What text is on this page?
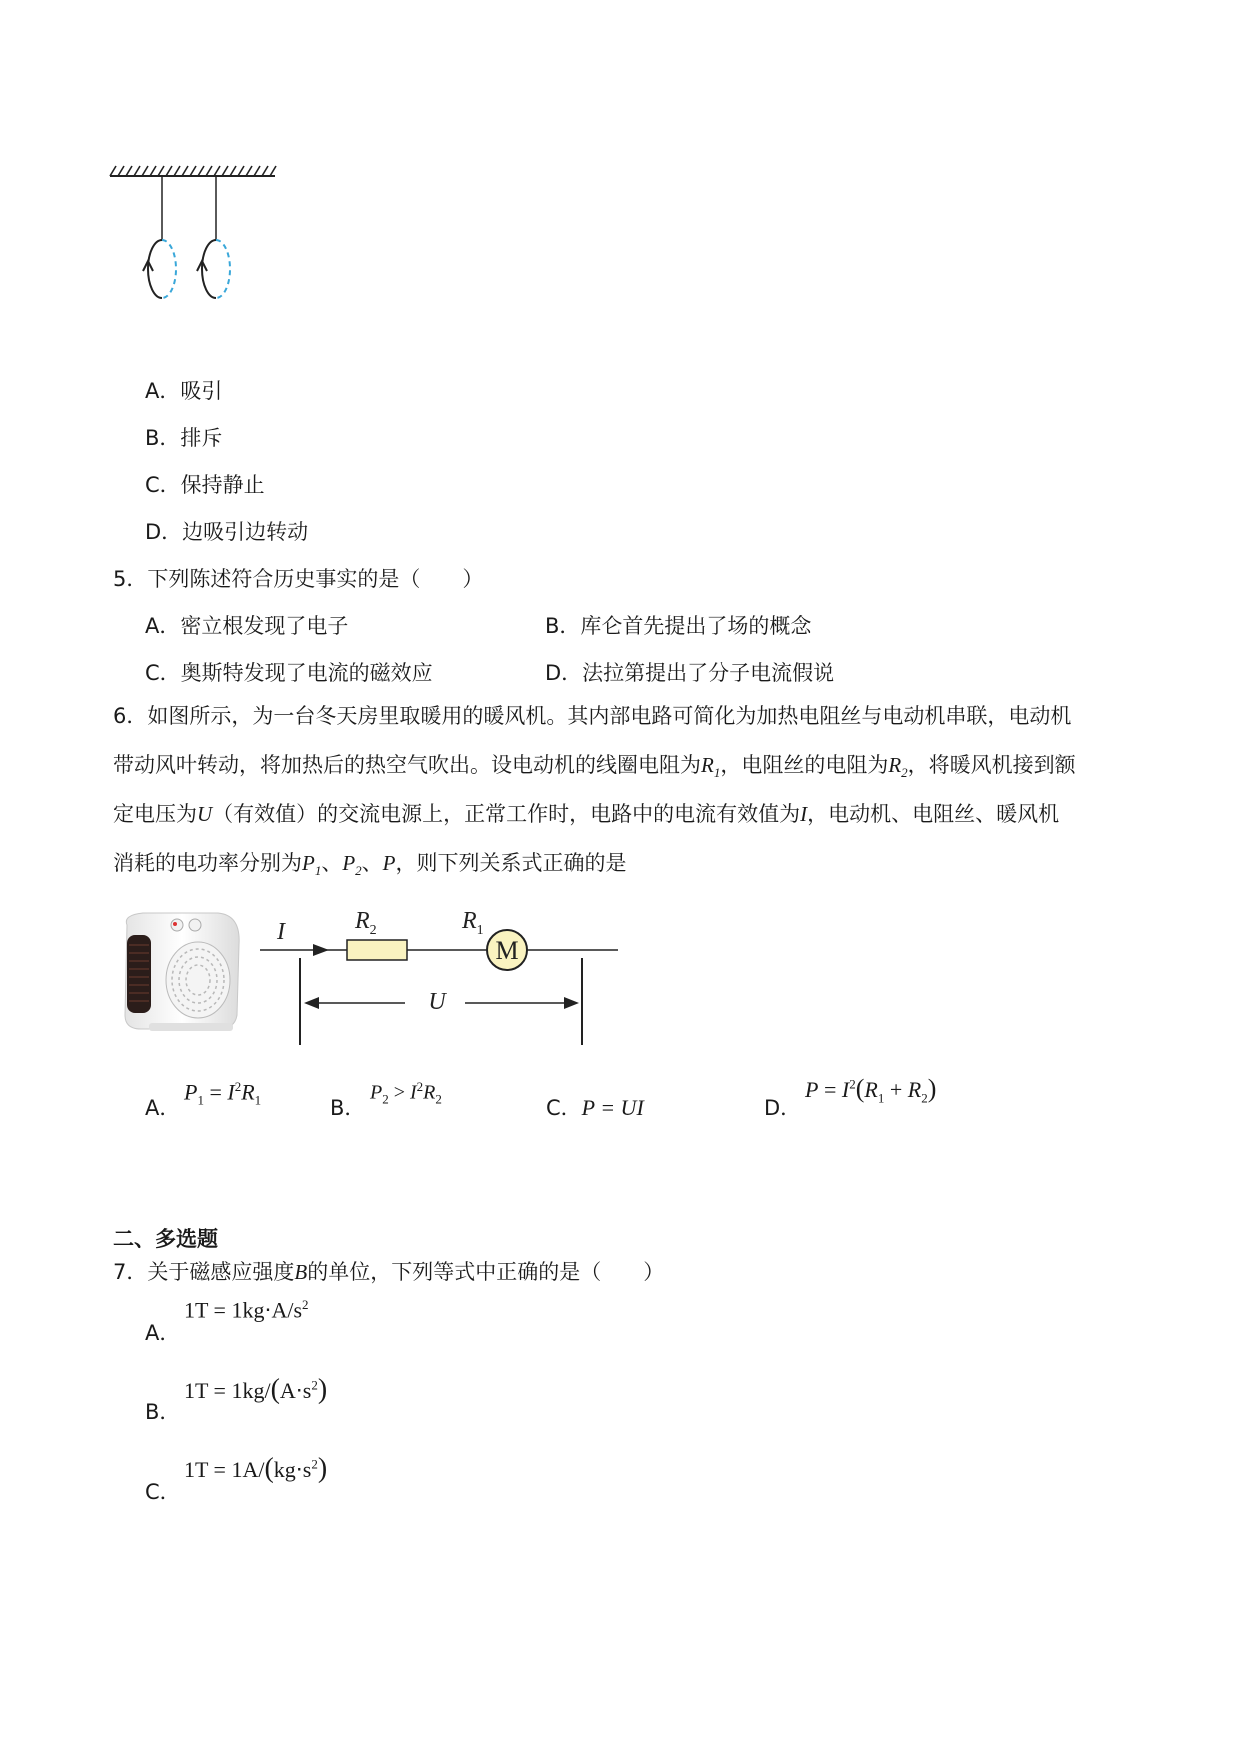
A．吸引
B．排斥
C．保持静止
D．边吸引边转动
5．下列陈述符合历史事实的是（　　）
A．密立根发现了电子	B．库仑首先提出了场的概念
C．奥斯特发现了电流的磁效应	D．法拉第提出了分子电流假说
6．如图所示，为一台冬天房里取暖用的暖风机。其内部电路可简化为加热电阻丝与电动机串联，电动机
带动风叶转动，将加热后的热空气吹出。设电动机的线圈电阻为$R_1$，电阻丝的电阻为$R_2$，将暖风机接到额
定电压为U（有效值）的交流电源上，正常工作时，电路中的电流有效值为I，电动机、电阻丝、暖风机
消耗的电功率分别为$P_1$、$P_2$、P，则下列关系式正确的是
I	$R_2$	$R_1$
M
U
A．
$P_1 = I^2R_1$	B．
$P_2 > I^2R_2$	C．P = UI	D．
$P = I^2(R_1 + R_2)$
二、多选题
7．关于磁感应强度B的单位，下列等式中正确的是（　　）
A．
$1T = 1kg\cdot A/s^2$
B．
$1T = 1kg/(A\cdot s^2)$
C．
$1T = 1A/(kg\cdot s^2)$
